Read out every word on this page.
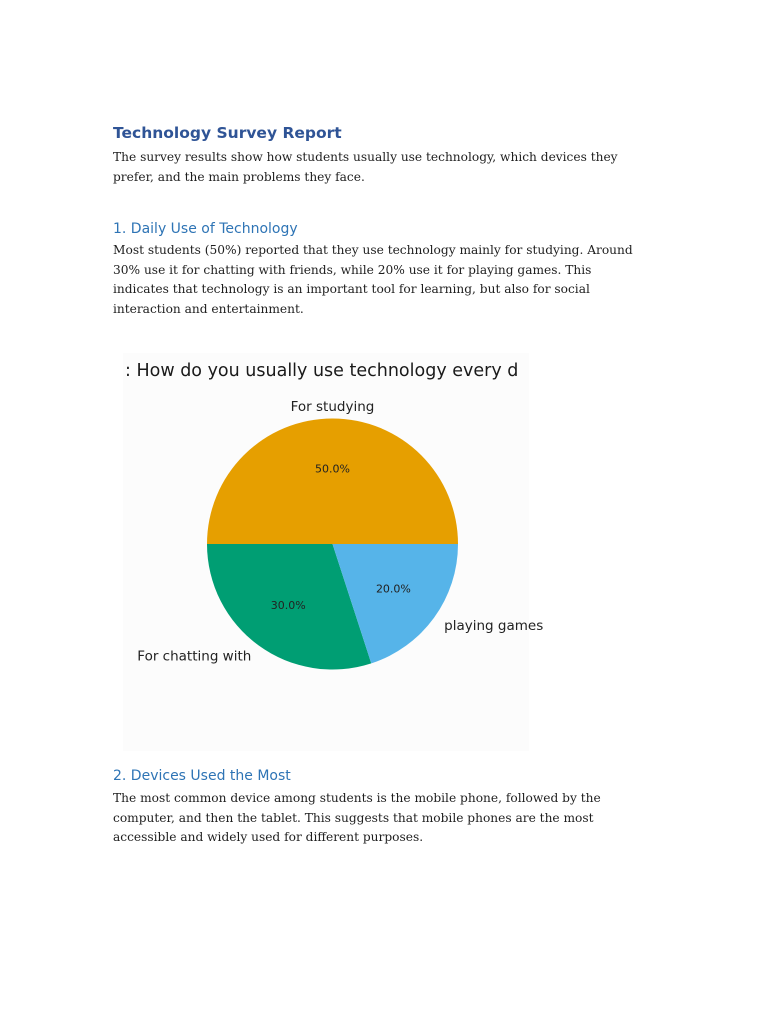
Technology Survey Report

The survey results show how students usually use technology, which devices they prefer, and the main problems they face.

1. Daily Use of Technology

Most students (50%) reported that they use technology mainly for studying. Around 30% use it for chatting with friends, while 20% use it for playing games. This indicates that technology is an important tool for learning, but also for social interaction and entertainment.

2. Devices Used the Most

The most common device among students is the mobile phone, followed by the computer, and then the tablet. This suggests that mobile phones are the most accessible and widely used for different purposes.

: How do you usually use technology every d
50.0%
For studying
30.0%
For chatting with
20.0%
playing games
